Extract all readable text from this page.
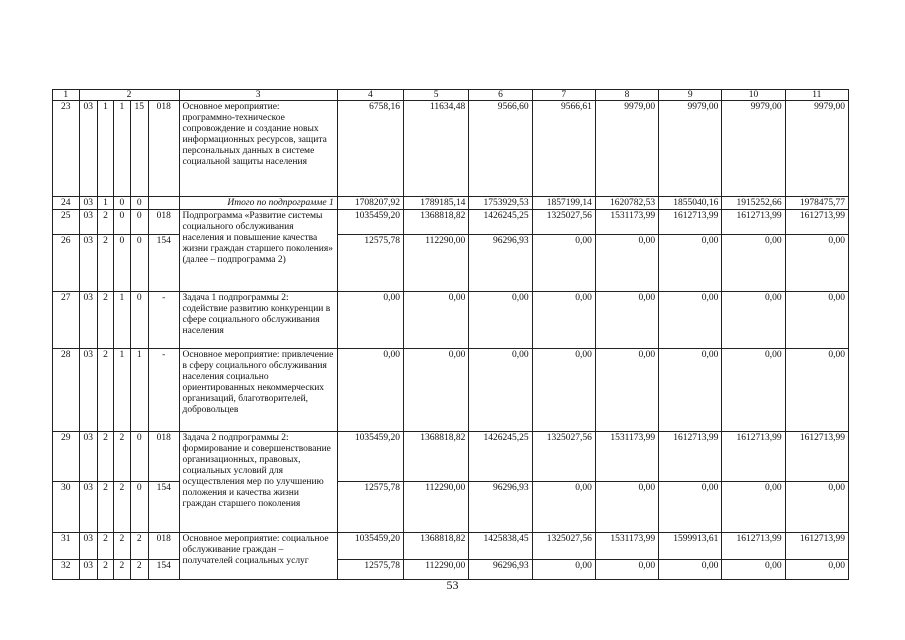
1	2					3	4	5	6	7	8	9	10	11
23	03	1	1	15	018	Основное мероприятие: программно-техническое сопровождение и создание новых информационных ресурсов, защита персональных данных в системе социальной защиты населения	6758,16	11634,48	9566,60	9566,61	9979,00	9979,00	9979,00	9979,00
24	03	1	0	0		Итого по подпрограмме 1	1708207,92	1789185,14	1753929,53	1857199,14	1620782,53	1855040,16	1915252,66	1978475,77
25	03	2	0	0	018	Подпрограмма «Развитие системы социального обслуживания населения и повышение качества жизни граждан старшего поколения» (далее – подпрограмма 2)	1035459,20	1368818,82	1426245,25	1325027,56	1531173,99	1612713,99	1612713,99	1612713,99
26	03	2	0	0	154		12575,78	112290,00	96296,93	0,00	0,00	0,00	0,00	0,00
27	03	2	1	0	-	Задача 1 подпрограммы 2: содействие развитию конкуренции в сфере социального обслуживания населения	0,00	0,00	0,00	0,00	0,00	0,00	0,00	0,00
28	03	2	1	1	-	Основное мероприятие: привлечение в сферу социального обслуживания населения социально ориентированных некоммерческих организаций, благотворителей, добровольцев	0,00	0,00	0,00	0,00	0,00	0,00	0,00	0,00
29	03	2	2	0	018	Задача 2 подпрограммы 2: формирование и совершенствование организационных, правовых, социальных условий для осуществления мер по улучшению положения и качества жизни граждан старшего поколения	1035459,20	1368818,82	1426245,25	1325027,56	1531173,99	1612713,99	1612713,99	1612713,99
30	03	2	2	0	154		12575,78	112290,00	96296,93	0,00	0,00	0,00	0,00	0,00
31	03	2	2	2	018	Основное мероприятие: социальное обслуживание граждан – получателей социальных услуг	1035459,20	1368818,82	1425838,45	1325027,56	1531173,99	1599913,61	1612713,99	1612713,99
32	03	2	2	2	154		12575,78	112290,00	96296,93	0,00	0,00	0,00	0,00	0,00
53
